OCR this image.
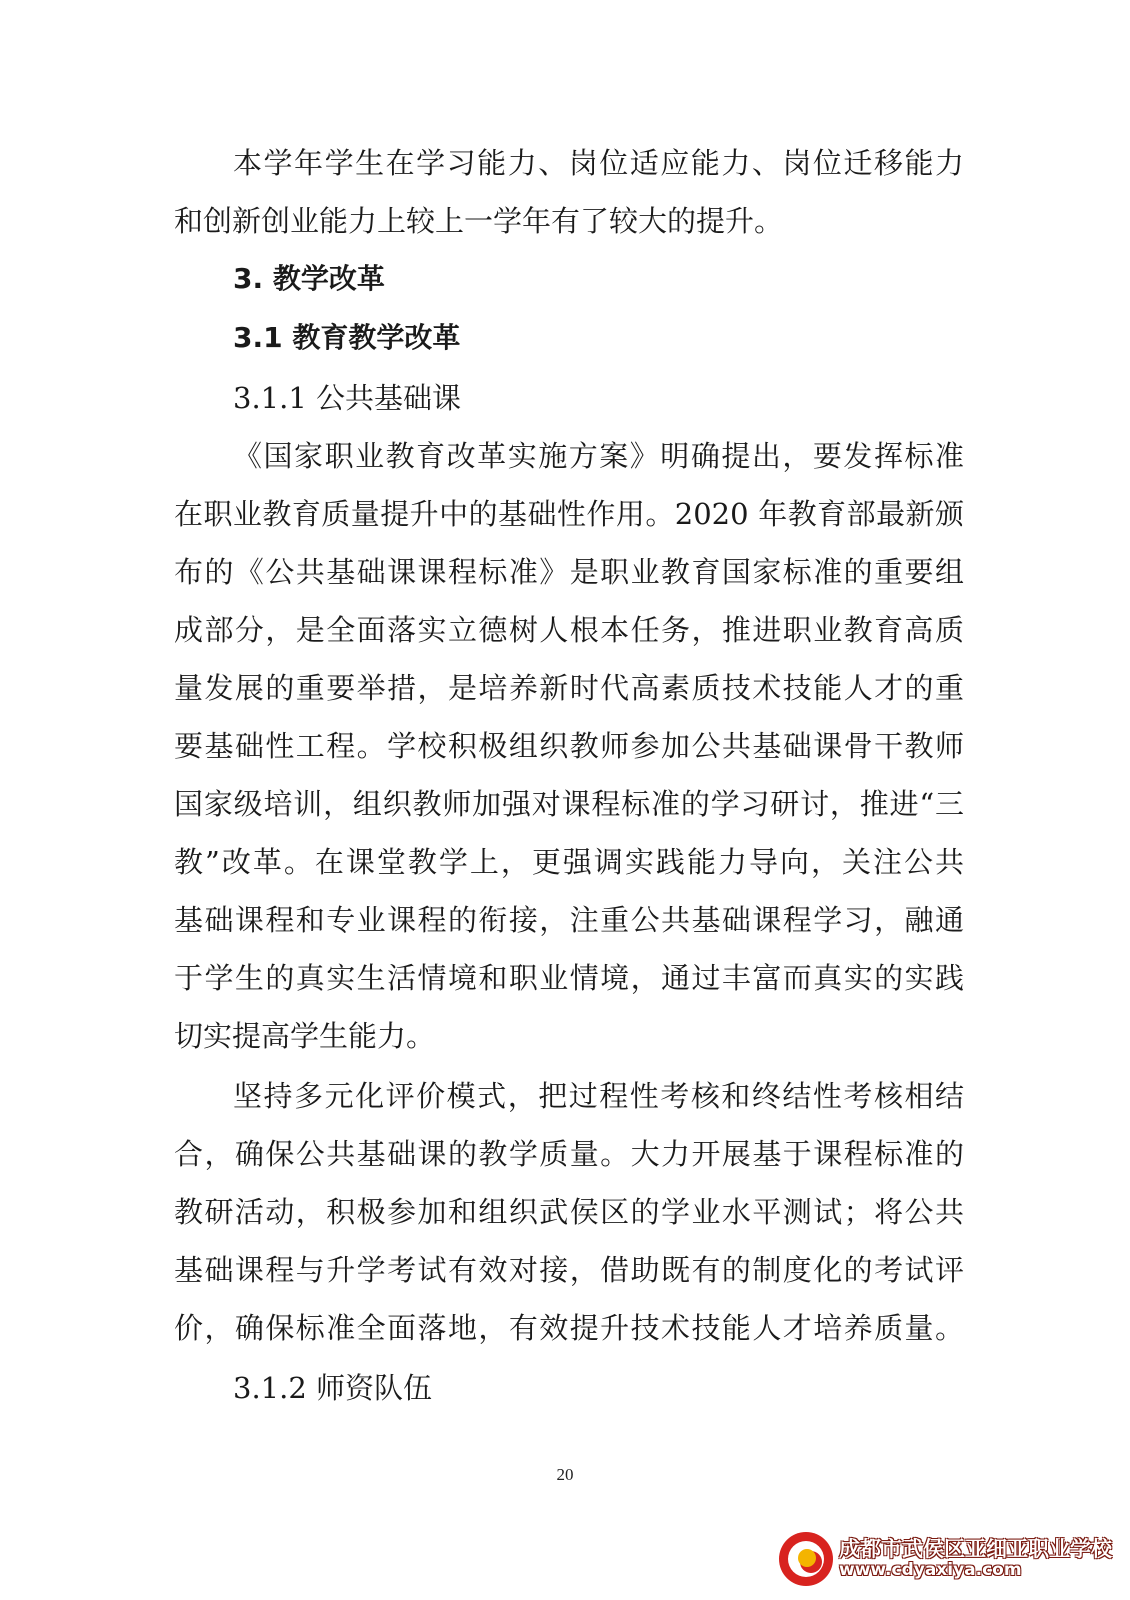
本学年学生在学习能力、岗位适应能力、岗位迁移能力
和创新创业能力上较上一学年有了较大的提升。
3. 教学改革
3.1 教育教学改革
3.1.1 公共基础课
《国家职业教育改革实施方案》明确提出，要发挥标准
在职业教育质量提升中的基础性作用。2020 年教育部最新颁
布的《公共基础课课程标准》是职业教育国家标准的重要组
成部分，是全面落实立德树人根本任务，推进职业教育高质
量发展的重要举措，是培养新时代高素质技术技能人才的重
要基础性工程。学校积极组织教师参加公共基础课骨干教师
国家级培训，组织教师加强对课程标准的学习研讨，推进“三
教”改革。在课堂教学上，更强调实践能力导向，关注公共
基础课程和专业课程的衔接，注重公共基础课程学习，融通
于学生的真实生活情境和职业情境，通过丰富而真实的实践
切实提高学生能力。
坚持多元化评价模式，把过程性考核和终结性考核相结
合，确保公共基础课的教学质量。大力开展基于课程标准的
教研活动，积极参加和组织武侯区的学业水平测试；将公共
基础课程与升学考试有效对接，借助既有的制度化的考试评
价，确保标准全面落地，有效提升技术技能人才培养质量。
3.1.2 师资队伍
20
成都市武侯区亚细亚职业学校
www.cdyaxiya.com
